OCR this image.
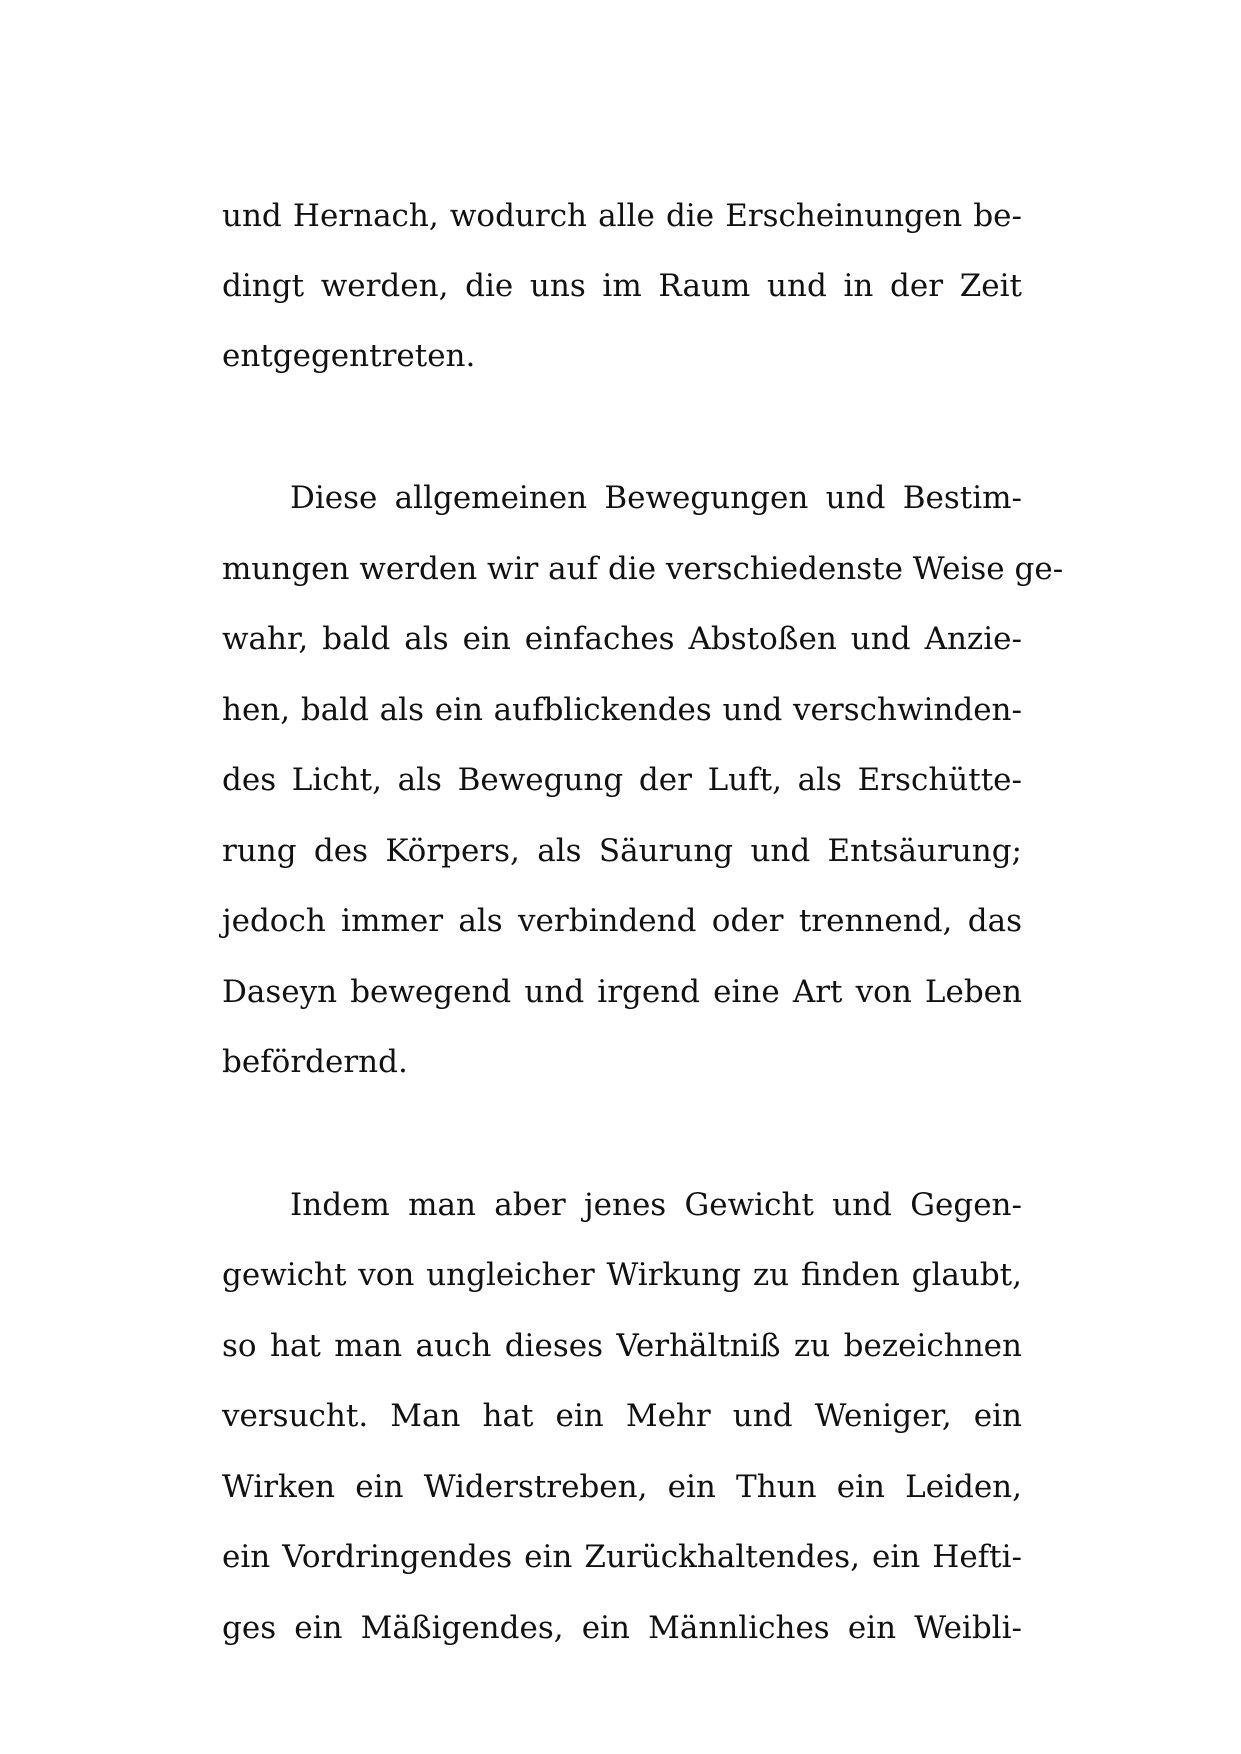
und Hernach, wodurch alle die Erscheinungen be-
dingt werden, die uns im Raum und in der Zeit
entgegentreten.
Diese allgemeinen Bewegungen und Bestim-
mungen werden wir auf die verschiedenste Weise ge-
wahr, bald als ein einfaches Abstoßen und Anzie-
hen, bald als ein aufblickendes und verschwinden-
des Licht, als Bewegung der Luft, als Erschütte-
rung des Körpers, als Säurung und Entsäurung;
jedoch immer als verbindend oder trennend, das
Daseyn bewegend und irgend eine Art von Leben
befördernd.
Indem man aber jenes Gewicht und Gegen-
gewicht von ungleicher Wirkung zu finden glaubt,
so hat man auch dieses Verhältniß zu bezeichnen
versucht. Man hat ein Mehr und Weniger, ein
Wirken ein Widerstreben, ein Thun ein Leiden,
ein Vordringendes ein Zurückhaltendes, ein Hefti-
ges ein Mäßigendes, ein Männliches ein Weibli-
